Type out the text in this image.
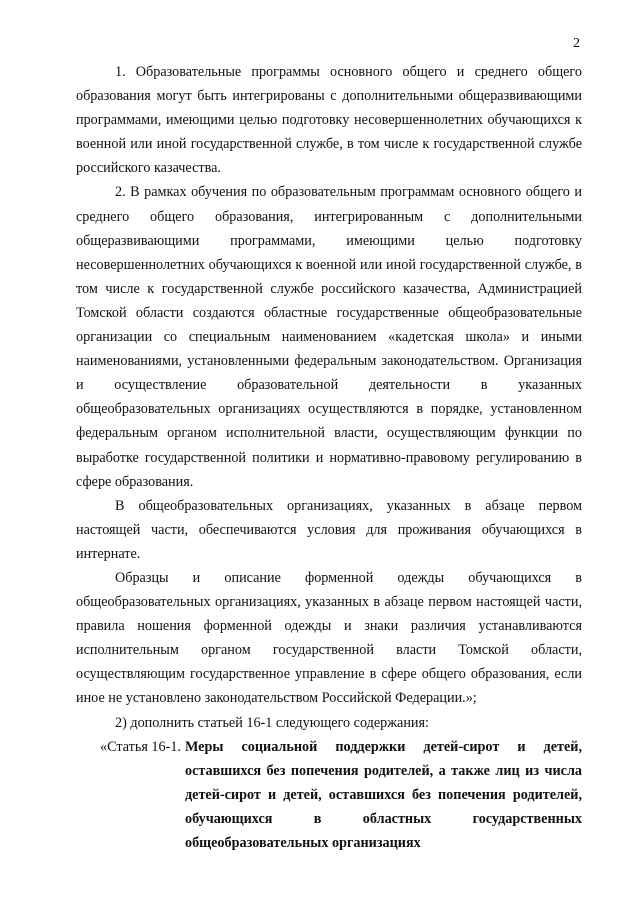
2

1. Образовательные программы основного общего и среднего общего образования могут быть интегрированы с дополнительными общеразвивающими программами, имеющими целью подготовку несовершеннолетних обучающихся к военной или иной государственной службе, в том числе к государственной службе российского казачества.

2. В рамках обучения по образовательным программам основного общего и среднего общего образования, интегрированным с дополнительными общеразвивающими программами, имеющими целью подготовку несовершеннолетних обучающихся к военной или иной государственной службе, в том числе к государственной службе российского казачества, Администрацией Томской области создаются областные государственные общеобразовательные организации со специальным наименованием «кадетская школа» и иными наименованиями, установленными федеральным законодательством. Организация и осуществление образовательной деятельности в указанных общеобразовательных организациях осуществляются в порядке, установленном федеральным органом исполнительной власти, осуществляющим функции по выработке государственной политики и нормативно-правовому регулированию в сфере образования.

В общеобразовательных организациях, указанных в абзаце первом настоящей части, обеспечиваются условия для проживания обучающихся в интернате.

Образцы и описание форменной одежды обучающихся в общеобразовательных организациях, указанных в абзаце первом настоящей части, правила ношения форменной одежды и знаки различия устанавливаются исполнительным органом государственной власти Томской области, осуществляющим государственное управление в сфере общего образования, если иное не установлено законодательством Российской Федерации.»;

2) дополнить статьей 16-1 следующего содержания:

«Статья 16-1. Меры социальной поддержки детей-сирот и детей, оставшихся без попечения родителей, а также лиц из числа детей-сирот и детей, оставшихся без попечения родителей, обучающихся в областных государственных общеобразовательных организациях
